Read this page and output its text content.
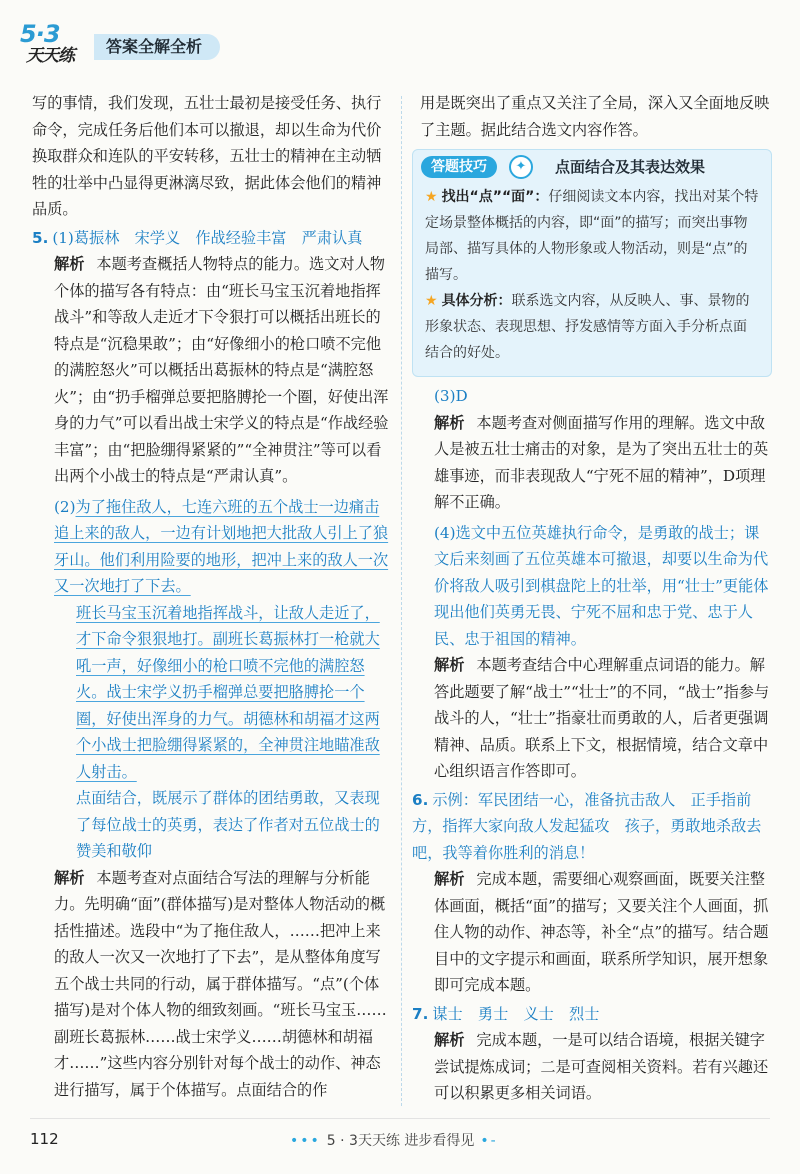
5·3
天天练	答案全解全析

写的事情，我们发现，五壮士最初是接受任务、执行命令，完成任务后他们本可以撤退，却以生命为代价换取群众和连队的平安转移，五壮士的精神在主动牺牲的壮举中凸显得更淋漓尽致，据此体会他们的精神品质。

5. (1)葛振林　宋学义　作战经验丰富　严肃认真

解析 本题考查概括人物特点的能力。选文对人物个体的描写各有特点：由“班长马宝玉沉着地指挥战斗”和等敌人走近才下令狠打可以概括出班长的特点是“沉稳果敢”；由“好像细小的枪口喷不完他的满腔怒火”可以概括出葛振林的特点是“满腔怒火”；由“扔手榴弹总要把胳膊抡一个圈，好使出浑身的力气”可以看出战士宋学义的特点是“作战经验丰富”；由“把脸绷得紧紧的”“全神贯注”等可以看出两个小战士的特点是“严肃认真”。

(2)为了拖住敌人，七连六班的五个战士一边痛击追上来的敌人，一边有计划地把大批敌人引上了狼牙山。他们利用险要的地形，把冲上来的敌人一次又一次地打了下去。

班长马宝玉沉着地指挥战斗，让敌人走近了，才下命令狠狠地打。副班长葛振林打一枪就大吼一声，好像细小的枪口喷不完他的满腔怒火。战士宋学义扔手榴弹总要把胳膊抡一个圈，好使出浑身的力气。胡德林和胡福才这两个小战士把脸绷得紧紧的，全神贯注地瞄准敌人射击。

点面结合，既展示了群体的团结勇敢，又表现了每位战士的英勇，表达了作者对五位战士的赞美和敬仰

解析 本题考查对点面结合写法的理解与分析能力。先明确“面”(群体描写)是对整体人物活动的概括性描述。选段中“为了拖住敌人，……把冲上来的敌人一次又一次地打了下去”，是从整体角度写五个战士共同的行动，属于群体描写。“点”(个体描写)是对个体人物的细致刻画。“班长马宝玉……副班长葛振林……战士宋学义……胡德林和胡福才……”这些内容分别针对每个战士的动作、神态进行描写，属于个体描写。点面结合的作

用是既突出了重点又关注了全局，深入又全面地反映了主题。据此结合选文内容作答。

答题技巧	✦	点面结合及其表达效果

★ 找出“点”“面”：仔细阅读文本内容，找出对某个特定场景整体概括的内容，即“面”的描写；而突出事物局部、描写具体的人物形象或人物活动，则是“点”的描写。

★ 具体分析：联系选文内容，从反映人、事、景物的形象状态、表现思想、抒发感情等方面入手分析点面结合的好处。

(3)D

解析 本题考查对侧面描写作用的理解。选文中敌人是被五壮士痛击的对象，是为了突出五壮士的英雄事迹，而非表现敌人“宁死不屈的精神”，D项理解不正确。

(4)选文中五位英雄执行命令，是勇敢的战士；课文后来刻画了五位英雄本可撤退，却要以生命为代价将敌人吸引到棋盘陀上的壮举，用“壮士”更能体现出他们英勇无畏、宁死不屈和忠于党、忠于人民、忠于祖国的精神。

解析 本题考查结合中心理解重点词语的能力。解答此题要了解“战士”“壮士”的不同，“战士”指参与战斗的人，“壮士”指豪壮而勇敢的人，后者更强调精神、品质。联系上下文，根据情境，结合文章中心组织语言作答即可。

6. 示例：军民团结一心，准备抗击敌人　正手指前方，指挥大家向敌人发起猛攻　孩子，勇敢地杀敌去吧，我等着你胜利的消息！

解析 完成本题，需要细心观察画面，既要关注整体画面，概括“面”的描写；又要关注个人画面，抓住人物的动作、神态等，补全“点”的描写。结合题目中的文字提示和画面，联系所学知识，展开想象即可完成本题。

7. 谋士　勇士　义士　烈士

解析 完成本题，一是可以结合语境，根据关键字尝试提炼成词；二是可查阅相关资料。若有兴趣还可以积累更多相关词语。

112	••• 5 · 3天天练 进步看得见 •-
